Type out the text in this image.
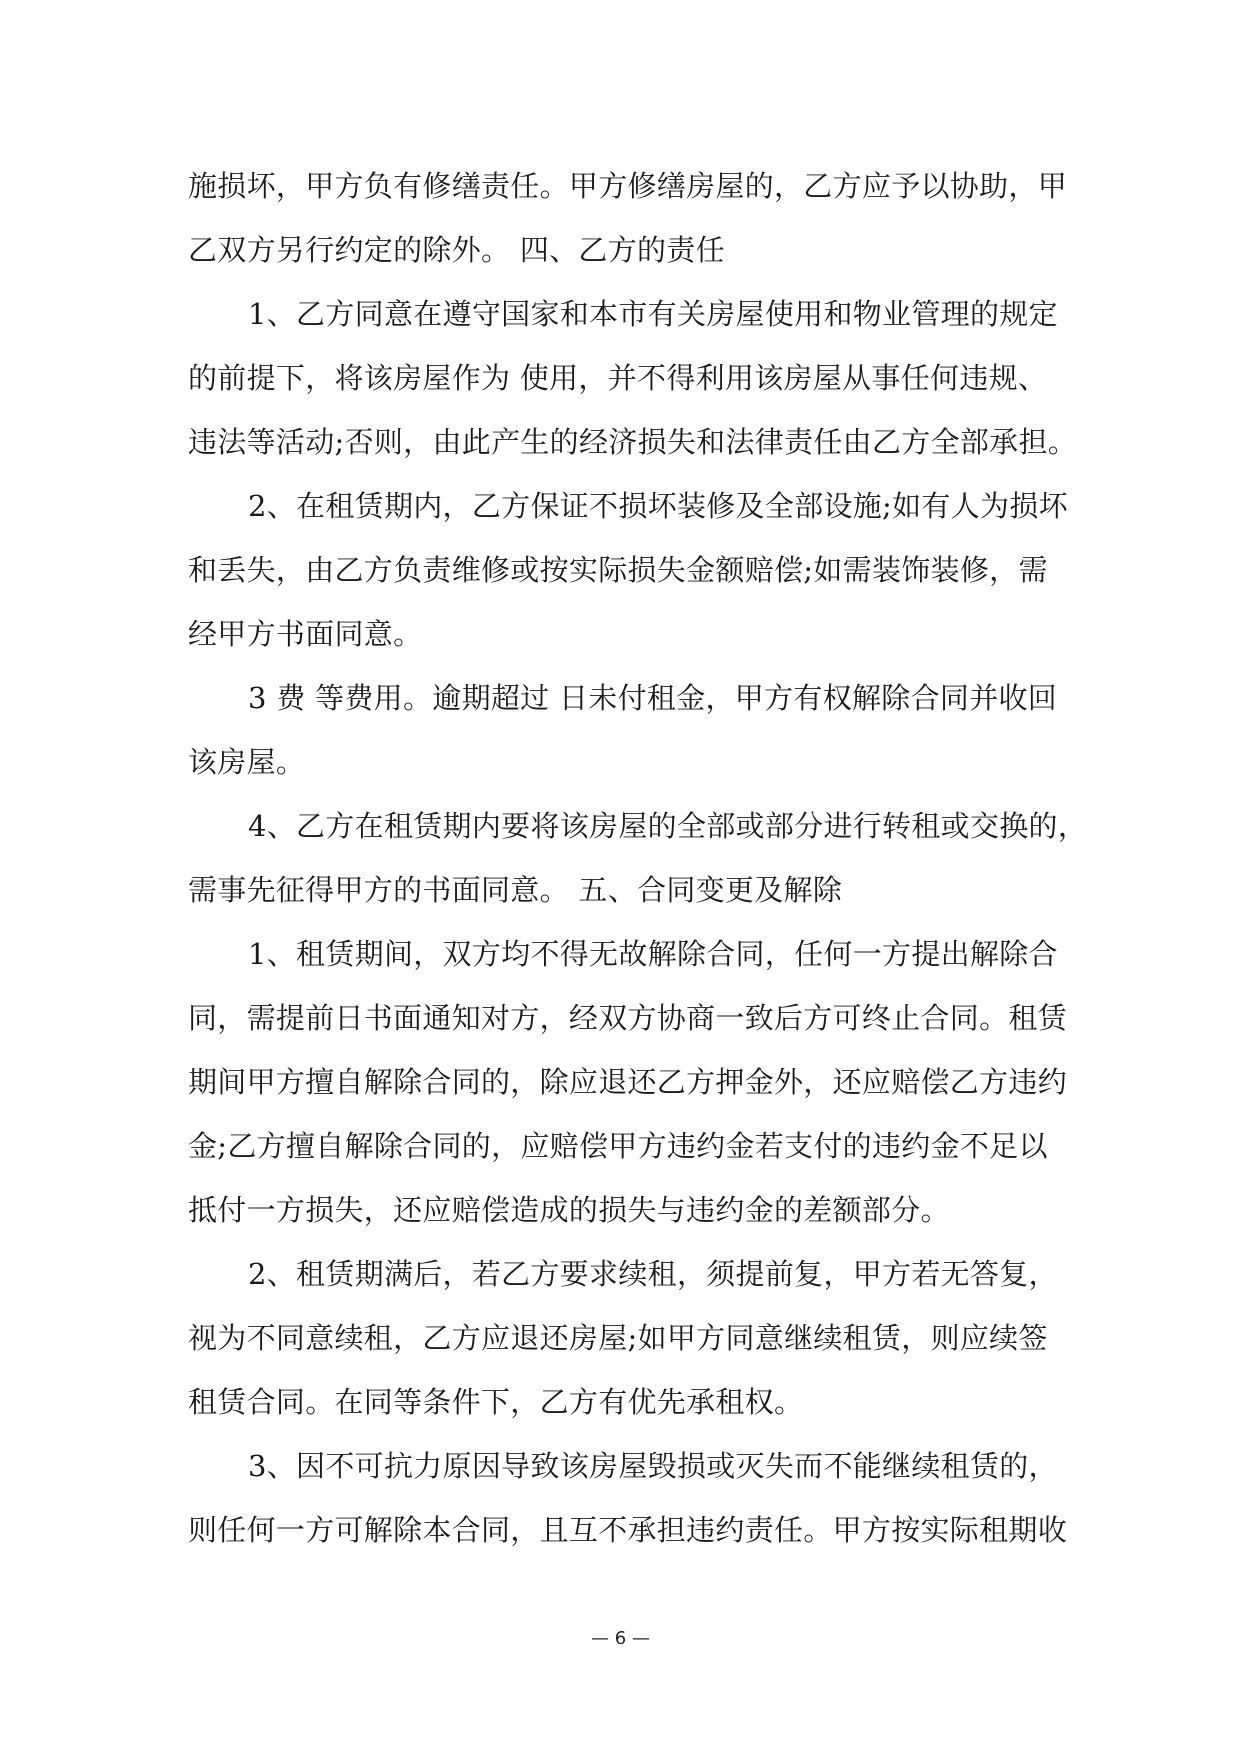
施损坏，甲方负有修缮责任。甲方修缮房屋的，乙方应予以协助，甲
乙双方另行约定的除外。 四、乙方的责任
1、乙方同意在遵守国家和本市有关房屋使用和物业管理的规定
的前提下，将该房屋作为 使用，并不得利用该房屋从事任何违规、
违法等活动;否则，由此产生的经济损失和法律责任由乙方全部承担。
2、在租赁期内，乙方保证不损坏装修及全部设施;如有人为损坏
和丢失，由乙方负责维修或按实际损失金额赔偿;如需装饰装修，需
经甲方书面同意。
3 费 等费用。逾期超过 日未付租金，甲方有权解除合同并收回
该房屋。
4、乙方在租赁期内要将该房屋的全部或部分进行转租或交换的，
需事先征得甲方的书面同意。 五、合同变更及解除
1、租赁期间，双方均不得无故解除合同，任何一方提出解除合
同，需提前日书面通知对方，经双方协商一致后方可终止合同。租赁
期间甲方擅自解除合同的，除应退还乙方押金外，还应赔偿乙方违约
金;乙方擅自解除合同的，应赔偿甲方违约金若支付的违约金不足以
抵付一方损失，还应赔偿造成的损失与违约金的差额部分。
2、租赁期满后，若乙方要求续租，须提前复，甲方若无答复，
视为不同意续租，乙方应退还房屋;如甲方同意继续租赁，则应续签
租赁合同。在同等条件下，乙方有优先承租权。
3、因不可抗力原因导致该房屋毁损或灭失而不能继续租赁的，
则任何一方可解除本合同，且互不承担违约责任。甲方按实际租期收
— 6 —
